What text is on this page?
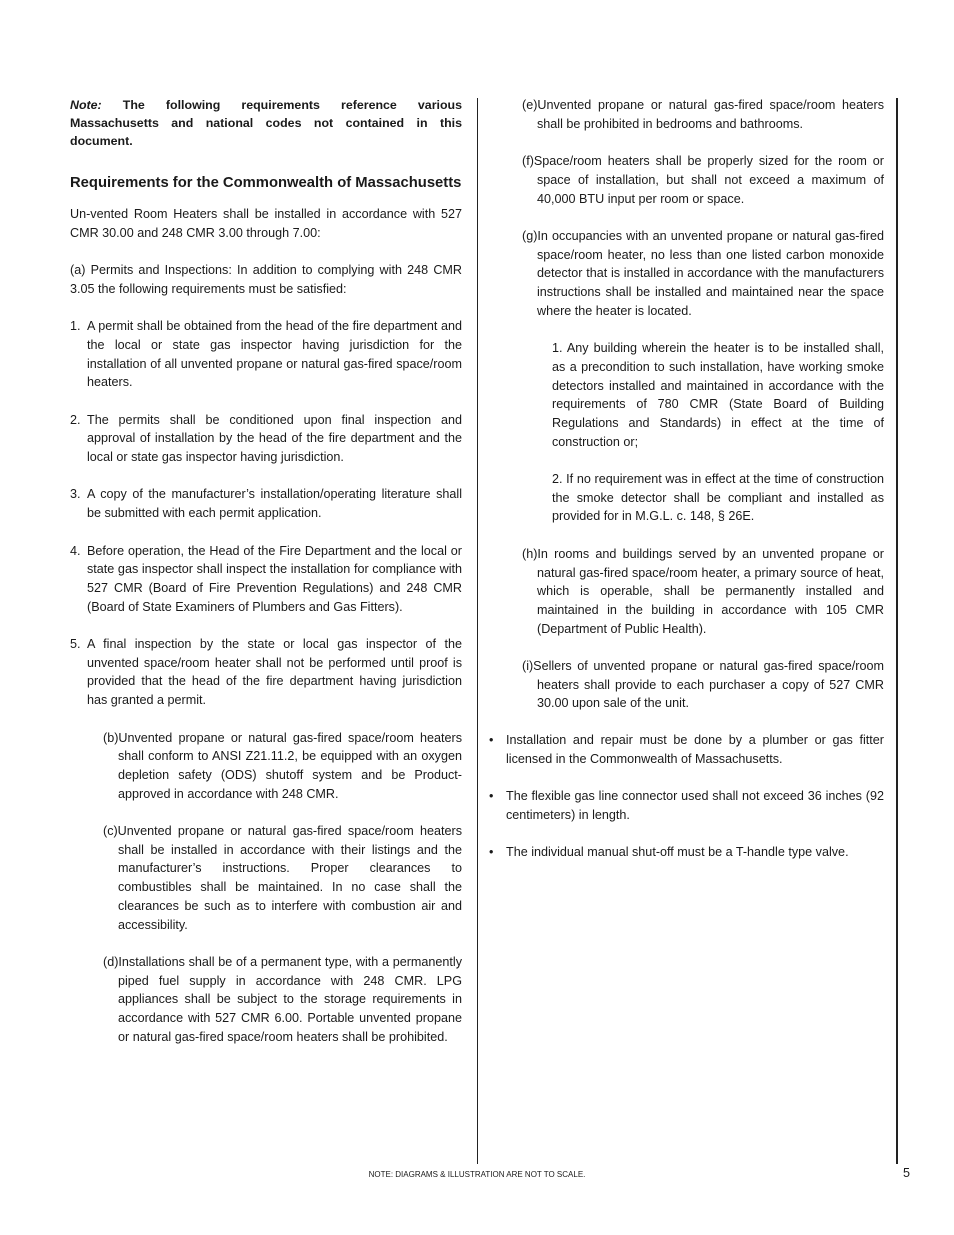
Note: The following requirements reference various Massachusetts and national codes not contained in this document.

Requirements for the Commonwealth of Massachusetts

Un-vented Room Heaters shall be installed in accordance with 527 CMR 30.00 and 248 CMR 3.00 through 7.00:

(a) Permits and Inspections: In addition to complying with 248 CMR 3.05 the following requirements must be satisfied:

1. A permit shall be obtained from the head of the fire department and the local or state gas inspector having jurisdiction for the installation of all unvented propane or natural gas-fired space/room heaters.
2. The permits shall be conditioned upon final inspection and approval of installation by the head of the fire department and the local or state gas inspector having jurisdiction.
3. A copy of the manufacturer’s installation/operating literature shall be submitted with each permit application.
4. Before operation, the Head of the Fire Department and the local or state gas inspector shall inspect the installation for compliance with 527 CMR (Board of Fire Prevention Regulations) and 248 CMR (Board of State Examiners of Plumbers and Gas Fitters).
5. A final inspection by the state or local gas inspector of the unvented space/room heater shall not be performed until proof is provided that the head of the fire department having jurisdiction has granted a permit.

(b)Unvented propane or natural gas-fired space/room heaters shall conform to ANSI Z21.11.2, be equipped with an oxygen depletion safety (ODS) shutoff system and be Product-approved in accordance with 248 CMR.

(c)Unvented propane or natural gas-fired space/room heaters shall be installed in accordance with their listings and the manufacturer’s instructions. Proper clearances to combustibles shall be maintained. In no case shall the clearances be such as to interfere with combustion air and accessibility.

(d)Installations shall be of a permanent type, with a permanently piped fuel supply in accordance with 248 CMR. LPG appliances shall be subject to the storage requirements in accordance with 527 CMR 6.00. Portable unvented propane or natural gas-fired space/room heaters shall be prohibited.

(e)Unvented propane or natural gas-fired space/room heaters shall be prohibited in bedrooms and bathrooms.

(f)Space/room heaters shall be properly sized for the room or space of installation, but shall not exceed a maximum of 40,000 BTU input per room or space.

(g)In occupancies with an unvented propane or natural gas-fired space/room heater, no less than one listed carbon monoxide detector that is installed in accordance with the manufacturers instructions shall be installed and maintained near the space where the heater is located.

1. Any building wherein the heater is to be installed shall, as a precondition to such installation, have working smoke detectors installed and maintained in accordance with the requirements of 780 CMR (State Board of Building Regulations and Standards) in effect at the time of construction or;

2. If no requirement was in effect at the time of construction the smoke detector shall be compliant and installed as provided for in M.G.L. c. 148, § 26E.

(h)In rooms and buildings served by an unvented propane or natural gas-fired space/room heater, a primary source of heat, which is operable, shall be permanently installed and maintained in the building in accordance with 105 CMR (Department of Public Health).

(i)Sellers of unvented propane or natural gas-fired space/room heaters shall provide to each purchaser a copy of 527 CMR 30.00 upon sale of the unit.

• Installation and repair must be done by a plumber or gas fitter licensed in the Commonwealth of Massachusetts.
• The flexible gas line connector used shall not exceed 36 inches (92 centimeters) in length.
• The individual manual shut-off must be a T-handle type valve.
NOTE: DIAGRAMS & ILLUSTRATION ARE NOT TO SCALE.	5
